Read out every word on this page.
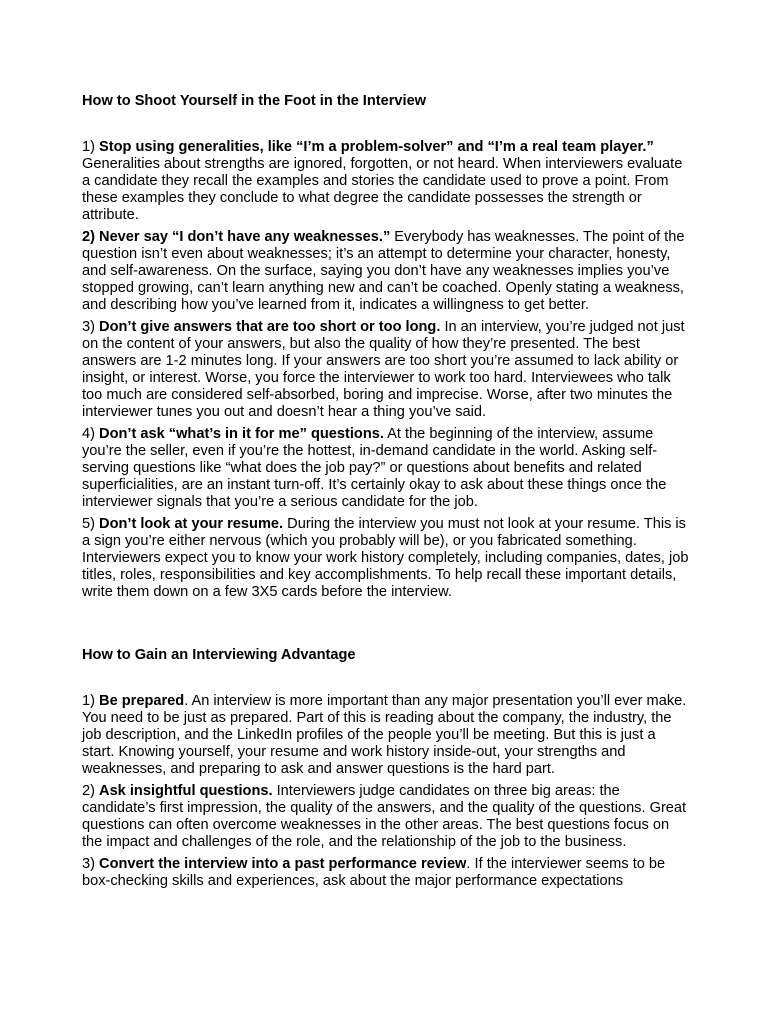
How to Shoot Yourself in the Foot in the Interview

1) Stop using generalities, like “I’m a problem-solver” and “I’m a real team player.” Generalities about strengths are ignored, forgotten, or not heard. When interviewers evaluate a candidate they recall the examples and stories the candidate used to prove a point. From these examples they conclude to what degree the candidate possesses the strength or attribute.

2) Never say “I don’t have any weaknesses.” Everybody has weaknesses. The point of the question isn’t even about weaknesses; it’s an attempt to determine your character, honesty, and self-awareness. On the surface, saying you don’t have any weaknesses implies you’ve stopped growing, can’t learn anything new and can’t be coached. Openly stating a weakness, and describing how you’ve learned from it, indicates a willingness to get better.

3) Don’t give answers that are too short or too long. In an interview, you’re judged not just on the content of your answers, but also the quality of how they’re presented. The best answers are 1-2 minutes long. If your answers are too short you’re assumed to lack ability or insight, or interest. Worse, you force the interviewer to work too hard. Interviewees who talk too much are considered self-absorbed, boring and imprecise. Worse, after two minutes the interviewer tunes you out and doesn’t hear a thing you’ve said.

4) Don’t ask “what’s in it for me” questions. At the beginning of the interview, assume you’re the seller, even if you’re the hottest, in-demand candidate in the world. Asking self-serving questions like “what does the job pay?” or questions about benefits and related superficialities, are an instant turn-off. It’s certainly okay to ask about these things once the interviewer signals that you’re a serious candidate for the job.

5) Don’t look at your resume. During the interview you must not look at your resume. This is a sign you’re either nervous (which you probably will be), or you fabricated something. Interviewers expect you to know your work history completely, including companies, dates, job titles, roles, responsibilities and key accomplishments. To help recall these important details, write them down on a few 3X5 cards before the interview.

How to Gain an Interviewing Advantage

1) Be prepared. An interview is more important than any major presentation you’ll ever make. You need to be just as prepared. Part of this is reading about the company, the industry, the job description, and the LinkedIn profiles of the people you’ll be meeting. But this is just a start. Knowing yourself, your resume and work history inside-out, your strengths and weaknesses, and preparing to ask and answer questions is the hard part.

2) Ask insightful questions. Interviewers judge candidates on three big areas: the candidate’s first impression, the quality of the answers, and the quality of the questions. Great questions can often overcome weaknesses in the other areas. The best questions focus on the impact and challenges of the role, and the relationship of the job to the business.

3) Convert the interview into a past performance review. If the interviewer seems to be box-checking skills and experiences, ask about the major performance expectations
